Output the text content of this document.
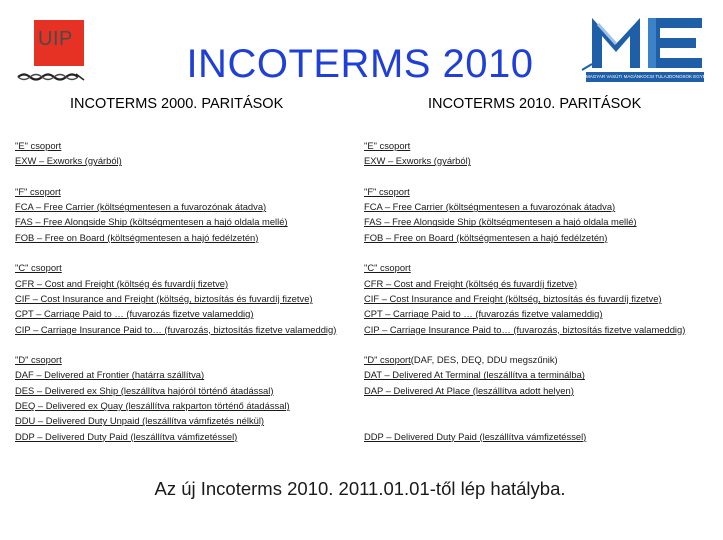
UIP
MAGYAR VASÚTI MAGÁNKOCSI TULAJDONOSOK EGYESÜLETE
INCOTERMS 2010
INCOTERMS 2000. PARITÁSOK	INCOTERMS 2010. PARITÁSOK
"E" csoport
EXW – Exworks (gyárból)
"F" csoport
FCA – Free Carrier (költségmentesen a fuvarozónak átadva)
FAS – Free Alongside Ship (költségmentesen a hajó oldala mellé)
FOB – Free on Board (költségmentesen a hajó fedélzetén)
"C" csoport
CFR – Cost and Freight (költség és fuvardíj fizetve)
CIF – Cost Insurance and Freight (költség, biztosítás és fuvardíj fizetve)
CPT – Carriage Paid to … (fuvarozás fizetve valameddig)
CIP – Carriage Insurance Paid to… (fuvarozás, biztosítás fizetve valameddig)
"D" csoport
DAF – Delivered at Frontier (határra szállítva)
DES – Delivered ex Ship (leszállítva hajóról történő átadással)
DEQ – Delivered ex Quay (leszállítva rakparton történő átadással)
DDU – Delivered Duty Unpaid (leszállítva vámfizetés nélkül)
DDP – Delivered Duty Paid (leszállítva vámfizetéssel)
"E" csoport
EXW – Exworks (gyárból)
"F" csoport
FCA – Free Carrier (költségmentesen a fuvarozónak átadva)
FAS – Free Alongside Ship (költségmentesen a hajó oldala mellé)
FOB – Free on Board (költségmentesen a hajó fedélzetén)
"C" csoport
CFR – Cost and Freight (költség és fuvardíj fizetve)
CIF – Cost Insurance and Freight (költség, biztosítás és fuvardíj fizetve)
CPT – Carriage Paid to … (fuvarozás fizetve valameddig)
CIP – Carriage Insurance Paid to… (fuvarozás, biztosítás fizetve valameddig)
"D" csoport(DAF, DES, DEQ, DDU megszűnik)
DAT – Delivered At Terminal (leszállítva a terminálba)
DAP – Delivered At Place (leszállítva adott helyen)
DDP – Delivered Duty Paid (leszállítva vámfizetéssel)
Az új Incoterms 2010. 2011.01.01-től lép hatályba.
